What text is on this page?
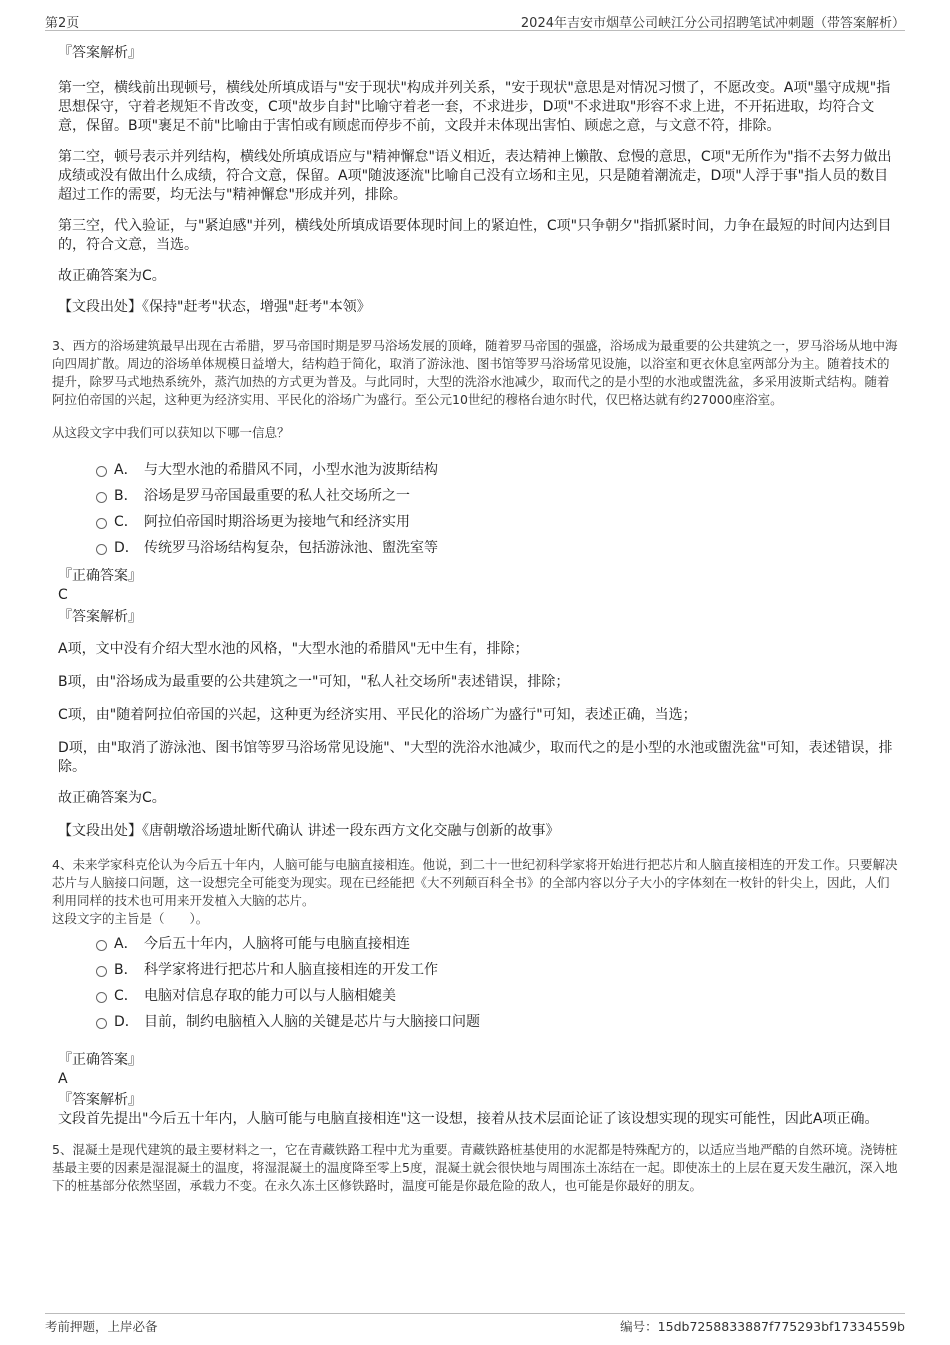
第2页	2024年吉安市烟草公司峡江分公司招聘笔试冲刺题（带答案解析）

『答案解析』

第一空，横线前出现顿号，横线处所填成语与"安于现状"构成并列关系，"安于现状"意思是对情况习惯了，不愿改变。A项"墨守成规"指思想保守，守着老规矩不肯改变，C项"故步自封"比喻守着老一套，不求进步，D项"不求进取"形容不求上进，不开拓进取，均符合文意，保留。B项"裹足不前"比喻由于害怕或有顾虑而停步不前，文段并未体现出害怕、顾虑之意，与文意不符，排除。

第二空，顿号表示并列结构，横线处所填成语应与"精神懈怠"语义相近，表达精神上懒散、怠慢的意思，C项"无所作为"指不去努力做出成绩或没有做出什么成绩，符合文意，保留。A项"随波逐流"比喻自己没有立场和主见，只是随着潮流走，D项"人浮于事"指人员的数目超过工作的需要，均无法与"精神懈怠"形成并列，排除。

第三空，代入验证，与"紧迫感"并列，横线处所填成语要体现时间上的紧迫性，C项"只争朝夕"指抓紧时间，力争在最短的时间内达到目的，符合文意，当选。

故正确答案为C。

【文段出处】《保持"赶考"状态，增强"赶考"本领》

3、西方的浴场建筑最早出现在古希腊，罗马帝国时期是罗马浴场发展的顶峰，随着罗马帝国的强盛，浴场成为最重要的公共建筑之一，罗马浴场从地中海向四周扩散。周边的浴场单体规模日益增大，结构趋于简化，取消了游泳池、图书馆等罗马浴场常见设施，以浴室和更衣休息室两部分为主。随着技术的提升，除罗马式地热系统外，蒸汽加热的方式更为普及。与此同时，大型的洗浴水池减少，取而代之的是小型的水池或盥洗盆，多采用波斯式结构。随着阿拉伯帝国的兴起，这种更为经济实用、平民化的浴场广为盛行。至公元10世纪的穆格台迪尔时代，仅巴格达就有约27000座浴室。

从这段文字中我们可以获知以下哪一信息？

A． 与大型水池的希腊风不同，小型水池为波斯结构
B． 浴场是罗马帝国最重要的私人社交场所之一
C． 阿拉伯帝国时期浴场更为接地气和经济实用
D． 传统罗马浴场结构复杂，包括游泳池、盥洗室等

『正确答案』

C

『答案解析』

A项，文中没有介绍大型水池的风格，"大型水池的希腊风"无中生有，排除；

B项，由"浴场成为最重要的公共建筑之一"可知，"私人社交场所"表述错误，排除；

C项，由"随着阿拉伯帝国的兴起，这种更为经济实用、平民化的浴场广为盛行"可知，表述正确，当选；

D项，由"取消了游泳池、图书馆等罗马浴场常见设施"、"大型的洗浴水池减少，取而代之的是小型的水池或盥洗盆"可知，表述错误，排除。

故正确答案为C。

【文段出处】《唐朝墩浴场遗址断代确认 讲述一段东西方文化交融与创新的故事》

4、未来学家科克伦认为今后五十年内，人脑可能与电脑直接相连。他说，到二十一世纪初科学家将开始进行把芯片和人脑直接相连的开发工作。只要解决芯片与人脑接口问题，这一设想完全可能变为现实。现在已经能把《大不列颠百科全书》的全部内容以分子大小的字体刻在一枚针的针尖上，因此，人们利用同样的技术也可用来开发植入大脑的芯片。

这段文字的主旨是（　　）。

A． 今后五十年内，人脑将可能与电脑直接相连
B． 科学家将进行把芯片和人脑直接相连的开发工作
C． 电脑对信息存取的能力可以与人脑相媲美
D． 目前，制约电脑植入人脑的关键是芯片与大脑接口问题

『正确答案』

A

『答案解析』

文段首先提出"今后五十年内，人脑可能与电脑直接相连"这一设想，接着从技术层面论证了该设想实现的现实可能性，因此A项正确。

5、混凝土是现代建筑的最主要材料之一，它在青藏铁路工程中尤为重要。青藏铁路桩基使用的水泥都是特殊配方的，以适应当地严酷的自然环境。浇铸桩基最主要的因素是湿混凝土的温度，将湿混凝土的温度降至零上5度，混凝土就会很快地与周围冻土冻结在一起。即使冻土的上层在夏天发生融沉，深入地下的桩基部分依然坚固，承载力不变。在永久冻土区修铁路时，温度可能是你最危险的敌人，也可能是你最好的朋友。

考前押题，上岸必备	编号：15db7258833887f775293bf17334559b
